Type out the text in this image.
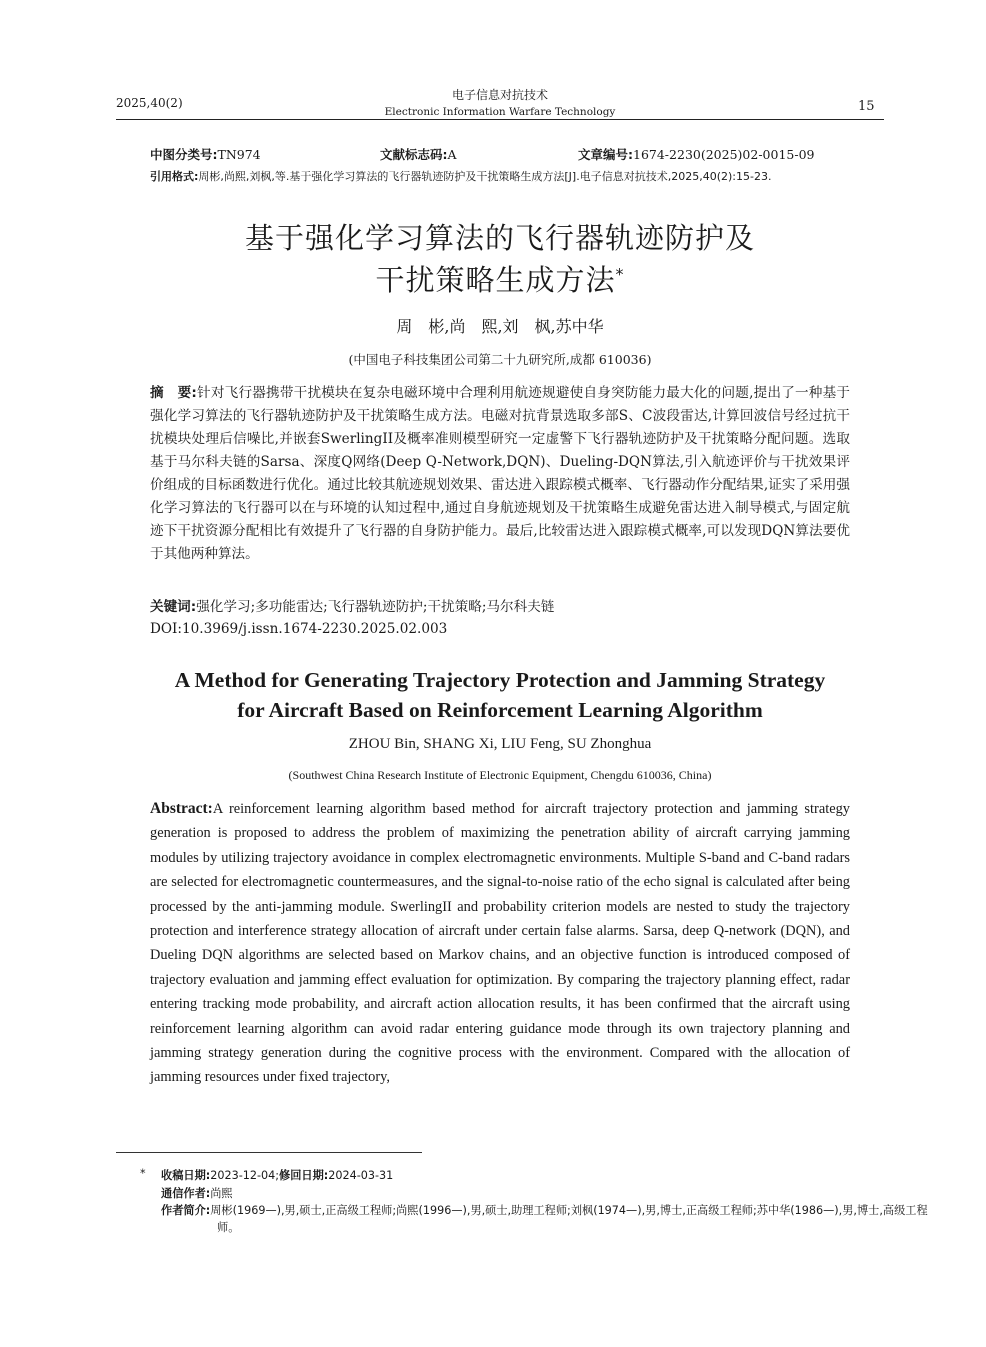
2025,40(2)
电子信息对抗技术
Electronic Information Warfare Technology	15
中图分类号:TN974	文献标志码:A	文章编号:1674-2230(2025)02-0015-09
引用格式:周彬,尚熙,刘枫,等.基于强化学习算法的飞行器轨迹防护及干扰策略生成方法[J].电子信息对抗技术,2025,40(2):15-23.
基于强化学习算法的飞行器轨迹防护及
干扰策略生成方法*
周　彬,尚　熙,刘　枫,苏中华
(中国电子科技集团公司第二十九研究所,成都 610036)
摘　要:针对飞行器携带干扰模块在复杂电磁环境中合理利用航迹规避使自身突防能力最大化的问题,提出了一种基于强化学习算法的飞行器轨迹防护及干扰策略生成方法。电磁对抗背景选取多部S、C波段雷达,计算回波信号经过抗干扰模块处理后信噪比,并嵌套SwerlingII及概率准则模型研究一定虚警下飞行器轨迹防护及干扰策略分配问题。选取基于马尔科夫链的Sarsa、深度Q网络(Deep Q-Network,DQN)、Dueling-DQN算法,引入航迹评价与干扰效果评价组成的目标函数进行优化。通过比较其航迹规划效果、雷达进入跟踪模式概率、飞行器动作分配结果,证实了采用强化学习算法的飞行器可以在与环境的认知过程中,通过自身航迹规划及干扰策略生成避免雷达进入制导模式,与固定航迹下干扰资源分配相比有效提升了飞行器的自身防护能力。最后,比较雷达进入跟踪模式概率,可以发现DQN算法要优于其他两种算法。
关键词:强化学习;多功能雷达;飞行器轨迹防护;干扰策略;马尔科夫链
DOI:10.3969/j.issn.1674-2230.2025.02.003
A Method for Generating Trajectory Protection and Jamming Strategy
for Aircraft Based on Reinforcement Learning Algorithm
ZHOU Bin, SHANG Xi, LIU Feng, SU Zhonghua
(Southwest China Research Institute of Electronic Equipment, Chengdu 610036, China)
Abstract:A reinforcement learning algorithm based method for aircraft trajectory protection and jamming strategy generation is proposed to address the problem of maximizing the penetration ability of aircraft carrying jamming modules by utilizing trajectory avoidance in complex electromagnetic environments. Multiple S-band and C-band radars are selected for electromagnetic countermeasures, and the signal-to-noise ratio of the echo signal is calculated after being processed by the anti-jamming module. SwerlingII and probability criterion models are nested to study the trajectory protection and interference strategy allocation of aircraft under certain false alarms. Sarsa, deep Q-network (DQN), and Dueling DQN algorithms are selected based on Markov chains, and an objective function is introduced composed of trajectory evaluation and jamming effect evaluation for optimization. By comparing the trajectory planning effect, radar entering tracking mode probability, and aircraft action allocation results, it has been confirmed that the aircraft using reinforcement learning algorithm can avoid radar entering guidance mode through its own trajectory planning and jamming strategy generation during the cognitive process with the environment. Compared with the allocation of jamming resources under fixed trajectory,
* 收稿日期:2023-12-04;修回日期:2024-03-31
通信作者:尚熙
作者简介:周彬(1969—),男,硕士,正高级工程师;尚熙(1996—),男,硕士,助理工程师;刘枫(1974—),男,博士,正高级工程师;苏中华(1986—),男,博士,高级工程师。
